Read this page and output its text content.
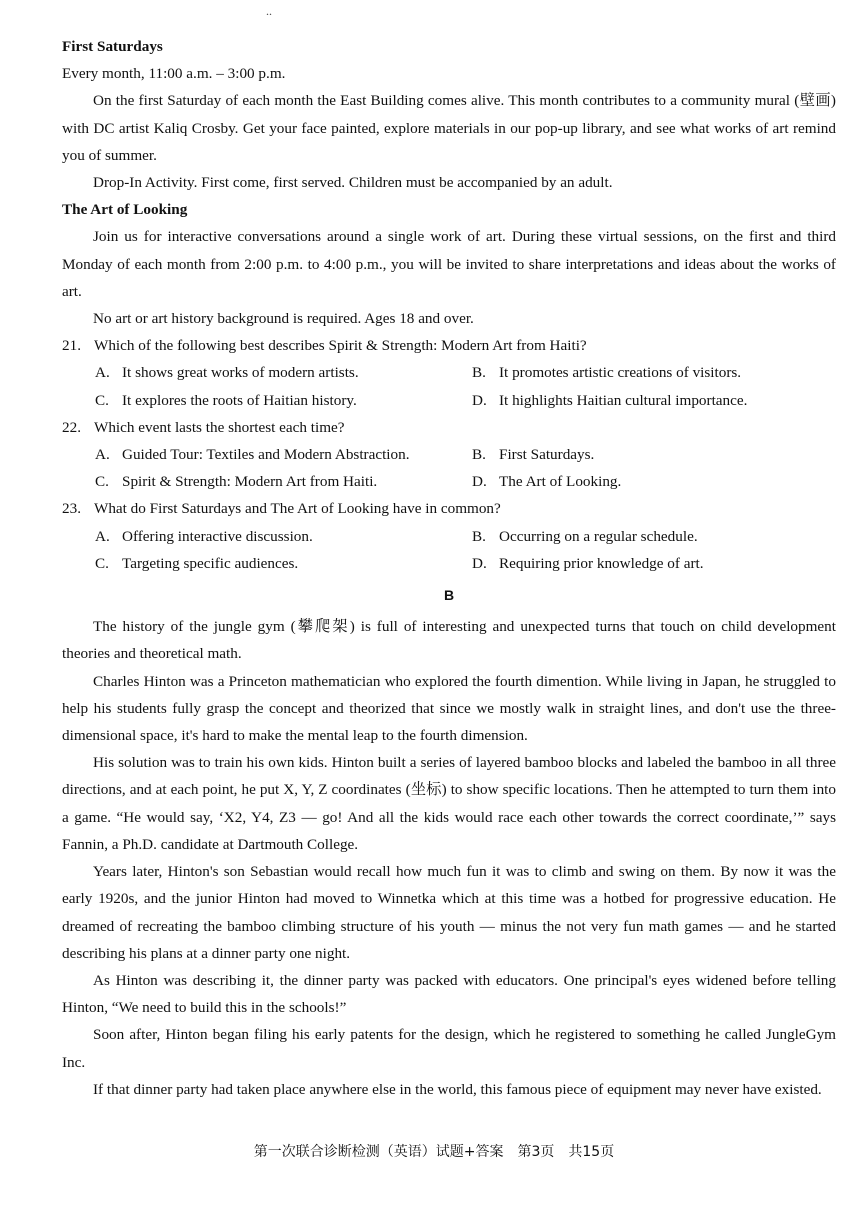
..

First Saturdays

Every month, 11:00 a.m. – 3:00 p.m.

On the first Saturday of each month the East Building comes alive. This month contributes to a community mural (壁画) with DC artist Kaliq Crosby. Get your face painted, explore materials in our pop-up library, and see what works of art remind you of summer.

Drop-In Activity. First come, first served. Children must be accompanied by an adult.

The Art of Looking

Join us for interactive conversations around a single work of art. During these virtual sessions, on the first and third Monday of each month from 2:00 p.m. to 4:00 p.m., you will be invited to share interpretations and ideas about the works of art.

No art or art history background is required. Ages 18 and over.

21. Which of the following best describes Spirit & Strength: Modern Art from Haiti?

A. It shows great works of modern artists.	B. It promotes artistic creations of visitors.
C. It explores the roots of Haitian history.	D. It highlights Haitian cultural importance.

22. Which event lasts the shortest each time?

A. Guided Tour: Textiles and Modern Abstraction.	B. First Saturdays.
C. Spirit & Strength: Modern Art from Haiti.	D. The Art of Looking.

23. What do First Saturdays and The Art of Looking have in common?

A. Offering interactive discussion.	B. Occurring on a regular schedule.
C. Targeting specific audiences.	D. Requiring prior knowledge of art.
B

The history of the jungle gym (攀爬架) is full of interesting and unexpected turns that touch on child development theories and theoretical math.

Charles Hinton was a Princeton mathematician who explored the fourth dimention. While living in Japan, he struggled to help his students fully grasp the concept and theorized that since we mostly walk in straight lines, and don't use the three-dimensional space, it's hard to make the mental leap to the fourth dimension.

His solution was to train his own kids. Hinton built a series of layered bamboo blocks and labeled the bamboo in all three directions, and at each point, he put X, Y, Z coordinates (坐标) to show specific locations. Then he attempted to turn them into a game. “He would say, ‘X2, Y4, Z3 — go! And all the kids would race each other towards the correct coordinate,’” says Fannin, a Ph.D. candidate at Dartmouth College.

Years later, Hinton's son Sebastian would recall how much fun it was to climb and swing on them. By now it was the early 1920s, and the junior Hinton had moved to Winnetka which at this time was a hotbed for progressive education. He dreamed of recreating the bamboo climbing structure of his youth — minus the not very fun math games — and he started describing his plans at a dinner party one night.

As Hinton was describing it, the dinner party was packed with educators. One principal's eyes widened before telling Hinton, “We need to build this in the schools!”

Soon after, Hinton began filing his early patents for the design, which he registered to something he called JungleGym Inc.

If that dinner party had taken place anywhere else in the world, this famous piece of equipment may never have existed.

第一次联合诊断检测（英语）试题+答案　第3页　共15页
